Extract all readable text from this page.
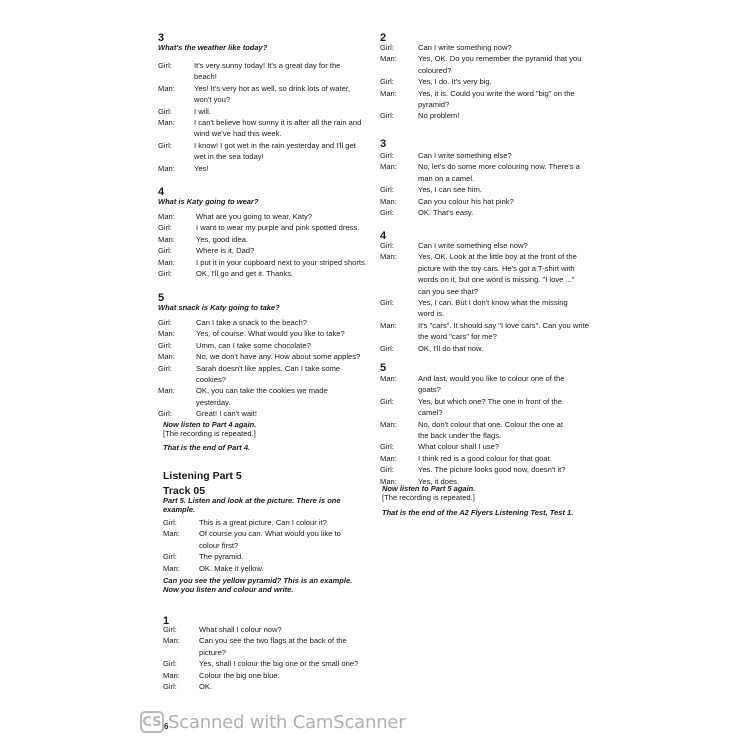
3
What's the weather like today?
Girl:	It's very sunny today! It's a great day for the
beach!
Man:	Yes! It's very hot as well, so drink lots of water,
won't you?
Girl:	I will.
Man:	I can't believe how sunny it is after all the rain and
wind we've had this week.
Girl:	I know! I got wet in the rain yesterday and I'll get
wet in the sea today!
Man:	Yes!
4
What is Katy going to wear?
Man:	What are you going to wear, Katy?
Girl:	I want to wear my purple and pink spotted dress.
Man:	Yes, good idea.
Girl:	Where is it, Dad?
Man:	I put it in your cupboard next to your striped shorts.
Girl:	OK, I'll go and get it. Thanks.
5
What snack is Katy going to take?
Girl:	Can I take a snack to the beach?
Man:	Yes, of course. What would you like to take?
Girl:	Umm, can I take some chocolate?
Man:	No, we don't have any. How about some apples?
Girl:	Sarah doesn't like apples. Can I take some
cookies?
Man:	OK, you can take the cookies we made
yesterday.
Girl:	Great! I can't wait!
Now listen to Part 4 again.
[The recording is repeated.]
That is the end of Part 4.
Listening Part 5
Track 05
Part 5. Listen and look at the picture. There is one example.
Girl:	This is a great picture. Can I colour it?
Man:	Of course you can. What would you like to
colour first?
Girl:	The pyramid.
Man:	OK. Make it yellow.
Can you see the yellow pyramid? This is an example.
Now you listen and colour and write.
1
Girl:	What shall I colour now?
Man:	Can you see the two flags at the back of the
picture?
Girl:	Yes, shall I colour the big one or the small one?
Man:	Colour the big one blue.
Girl:	OK.
2
Girl:	Can I write something now?
Man:	Yes, OK. Do you remember the pyramid that you
coloured?
Girl:	Yes, I do. It's very big.
Man:	Yes, it is. Could you write the word "big" on the
pyramid?
Girl:	No problem!
3
Girl:	Can I write something else?
Man:	No, let's do some more colouring now. There's a
man on a camel.
Girl:	Yes, I can see him.
Man:	Can you colour his hat pink?
Girl:	OK. That's easy.
4
Girl:	Can I write something else now?
Man:	Yes, OK. Look at the little boy at the front of the
picture with the toy cars. He's got a T-shirt with
words on it, but one word is missing. "I love ..."
can you see that?
Girl:	Yes, I can. But I don't know what the missing
word is.
Man:	It's "cars". It should say "I love cars". Can you write
the word "cars" for me?
Girl:	OK, I'll do that now.
5
Man:	And last, would you like to colour one of the
goats?
Girl:	Yes, but which one? The one in front of the
camel?
Man:	No, don't colour that one. Colour the one at
the back under the flags.
Girl:	What colour shall I use?
Man:	I think red is a good colour for that goat.
Girl:	Yes. The picture looks good now, doesn't it?
Man:	Yes, it does.
Now listen to Part 5 again.
[The recording is repeated.]
That is the end of the A2 Flyers Listening Test, Test 1.
CS Scanned with CamScanner
6
